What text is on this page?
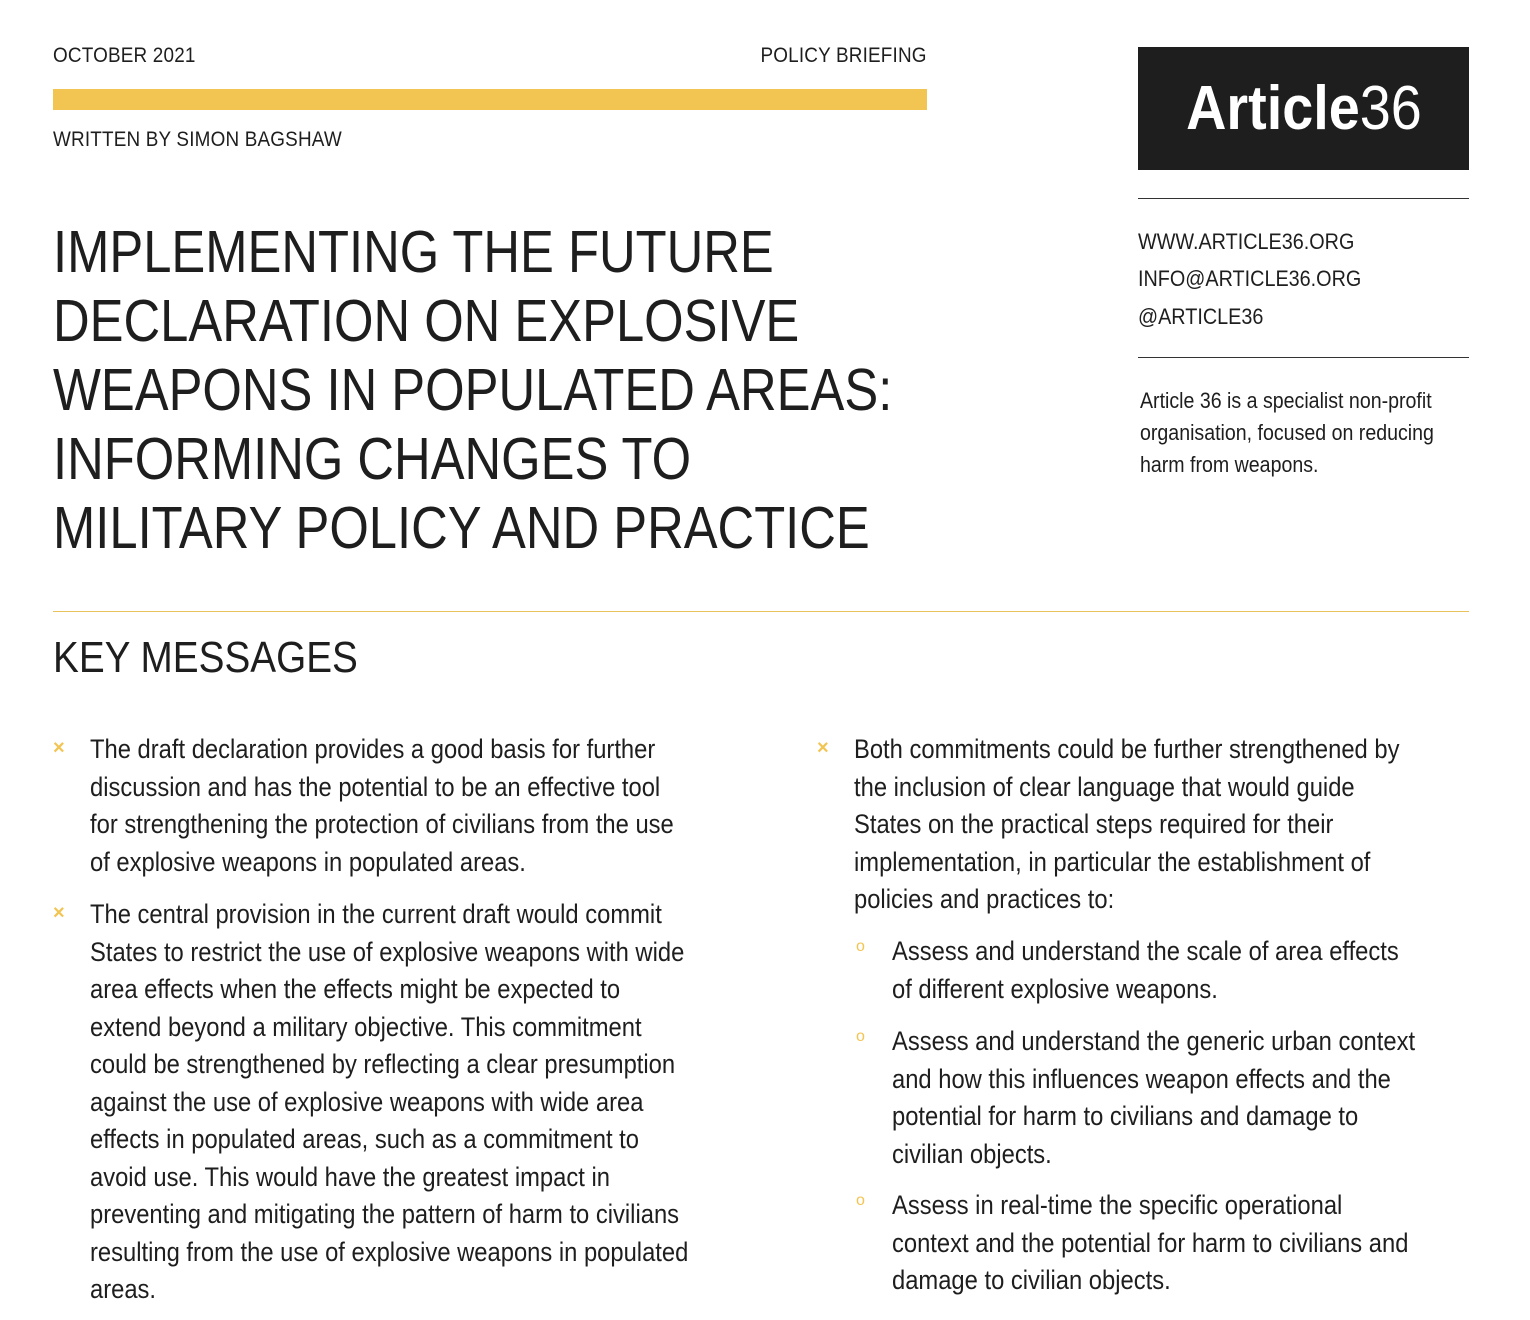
OCTOBER 2021	POLICY BRIEFING
WRITTEN BY SIMON BAGSHAW
IMPLEMENTING THE FUTURE
DECLARATION ON EXPLOSIVE
WEAPONS IN POPULATED AREAS:
INFORMING CHANGES TO
MILITARY POLICY AND PRACTICE
Article36
WWW.ARTICLE36.ORG
INFO@ARTICLE36.ORG
@ARTICLE36
Article 36 is a specialist non-profit
organisation, focused on reducing
harm from weapons.
KEY MESSAGES
× The draft declaration provides a good basis for further
discussion and has the potential to be an effective tool
for strengthening the protection of civilians from the use
of explosive weapons in populated areas.
× The central provision in the current draft would commit
States to restrict the use of explosive weapons with wide
area effects when the effects might be expected to
extend beyond a military objective. This commitment
could be strengthened by reflecting a clear presumption
against the use of explosive weapons with wide area
effects in populated areas, such as a commitment to
avoid use. This would have the greatest impact in
preventing and mitigating the pattern of harm to civilians
resulting from the use of explosive weapons in populated
areas.
× Both commitments could be further strengthened by
the inclusion of clear language that would guide
States on the practical steps required for their
implementation, in particular the establishment of
policies and practices to:
o Assess and understand the scale of area effects
of different explosive weapons.
o Assess and understand the generic urban context
and how this influences weapon effects and the
potential for harm to civilians and damage to
civilian objects.
o Assess in real-time the specific operational
context and the potential for harm to civilians and
damage to civilian objects.
